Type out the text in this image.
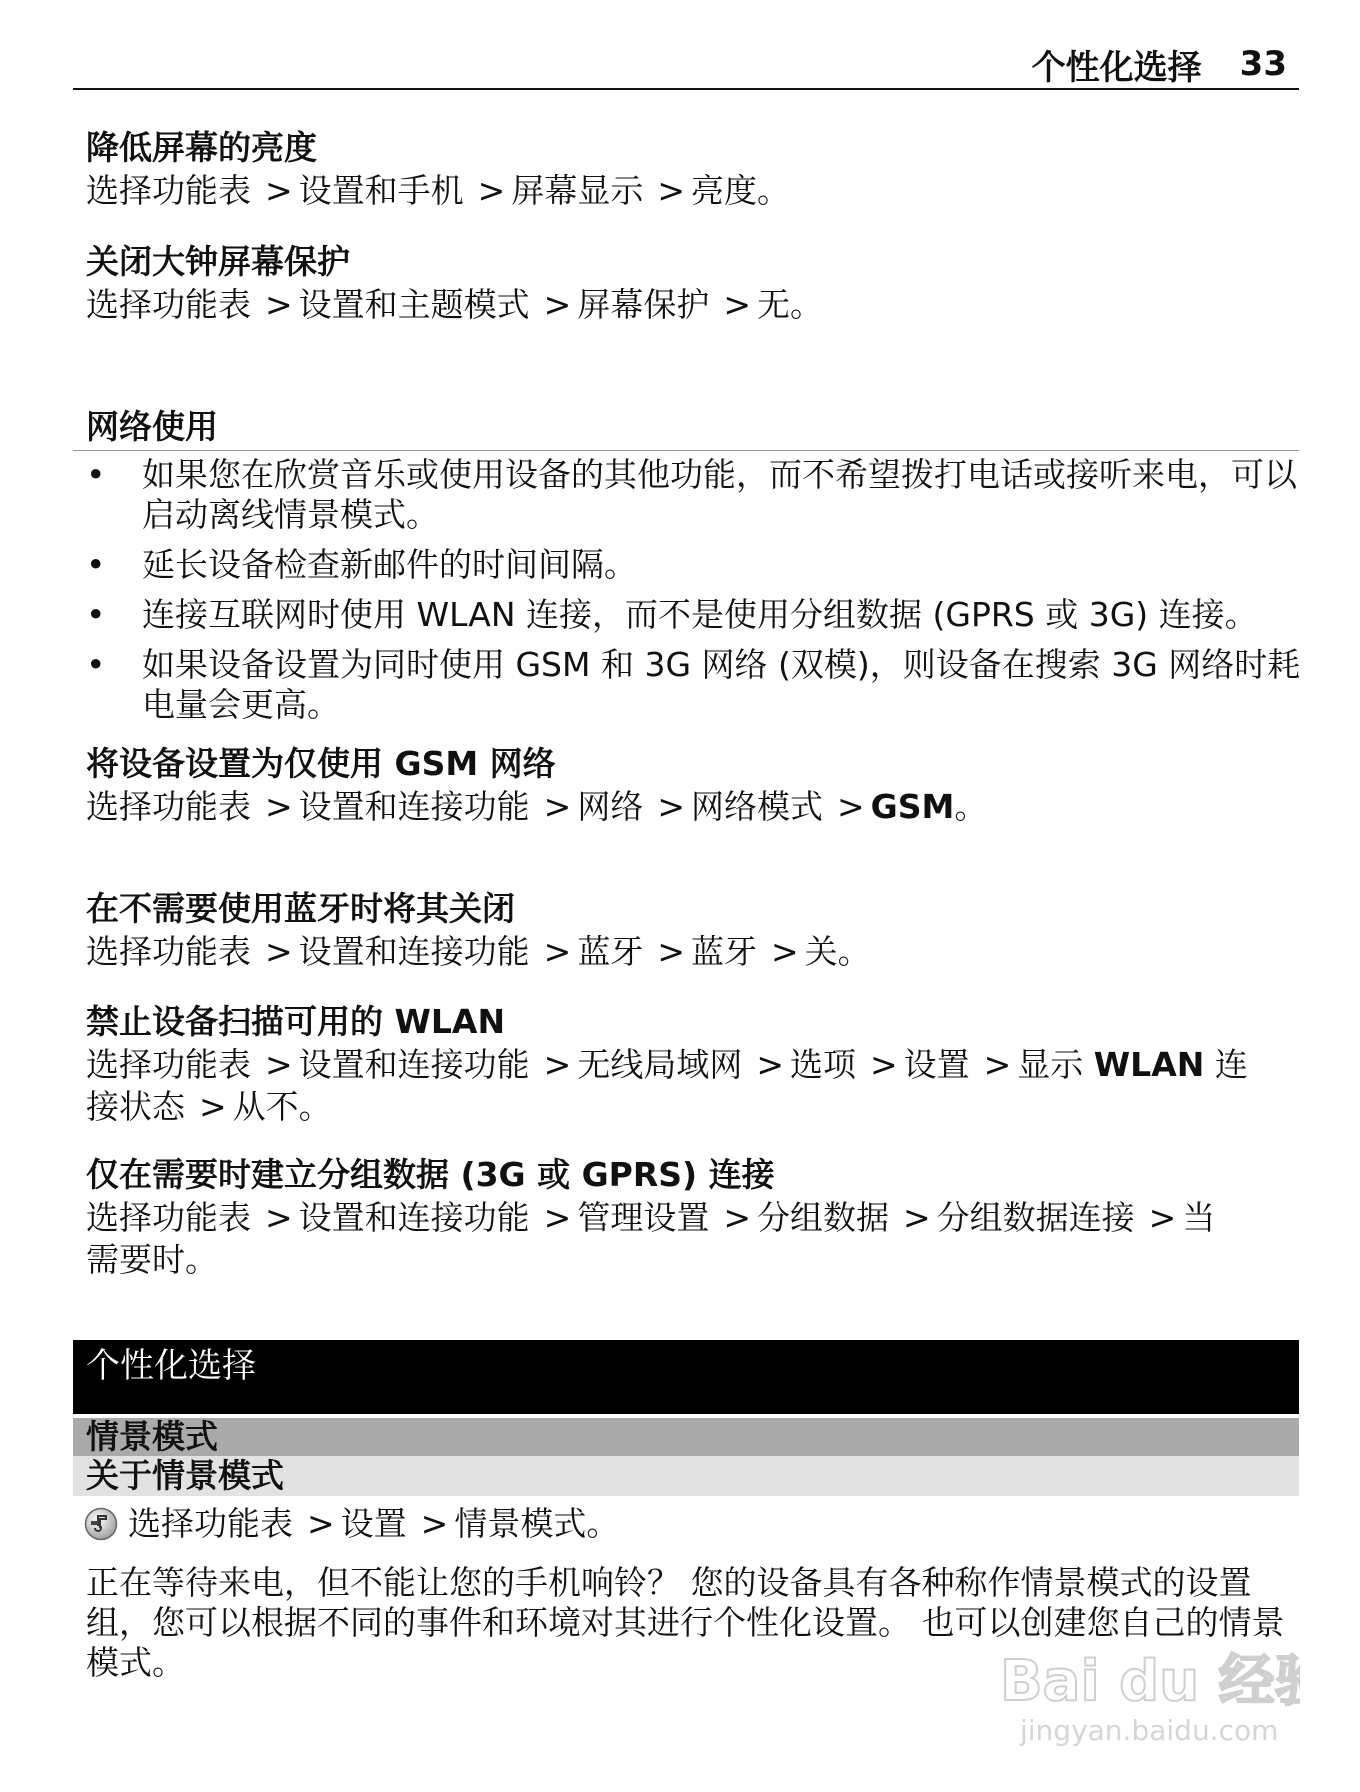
个性化选择 33
降低屏幕的亮度
选择功能表 > 设置和手机 > 屏幕显示 > 亮度。
关闭大钟屏幕保护
选择功能表 > 设置和主题模式 > 屏幕保护 > 无。
网络使用
• 如果您在欣赏音乐或使用设备的其他功能，而不希望拨打电话或接听来电，可以启动离线情景模式。
• 延长设备检查新邮件的时间间隔。
• 连接互联网时使用 WLAN 连接，而不是使用分组数据 (GPRS 或 3G) 连接。
• 如果设备设置为同时使用 GSM 和 3G 网络 (双模)，则设备在搜索 3G 网络时耗电量会更高。
将设备设置为仅使用 GSM 网络
选择功能表 > 设置和连接功能 > 网络 > 网络模式 > GSM。
在不需要使用蓝牙时将其关闭
选择功能表 > 设置和连接功能 > 蓝牙 > 蓝牙 > 关。
禁止设备扫描可用的 WLAN
选择功能表 > 设置和连接功能 > 无线局域网 > 选项 > 设置 > 显示 WLAN 连
接状态 > 从不。
仅在需要时建立分组数据 (3G 或 GPRS) 连接
选择功能表 > 设置和连接功能 > 管理设置 > 分组数据 > 分组数据连接 > 当
需要时。
个性化选择
情景模式
关于情景模式
选择功能表 > 设置 > 情景模式。
正在等待来电，但不能让您的手机响铃？ 您的设备具有各种称作情景模式的设置组，您可以根据不同的事件和环境对其进行个性化设置。 也可以创建您自己的情景模式。	Bai du 经验
jingyan.baidu.com
